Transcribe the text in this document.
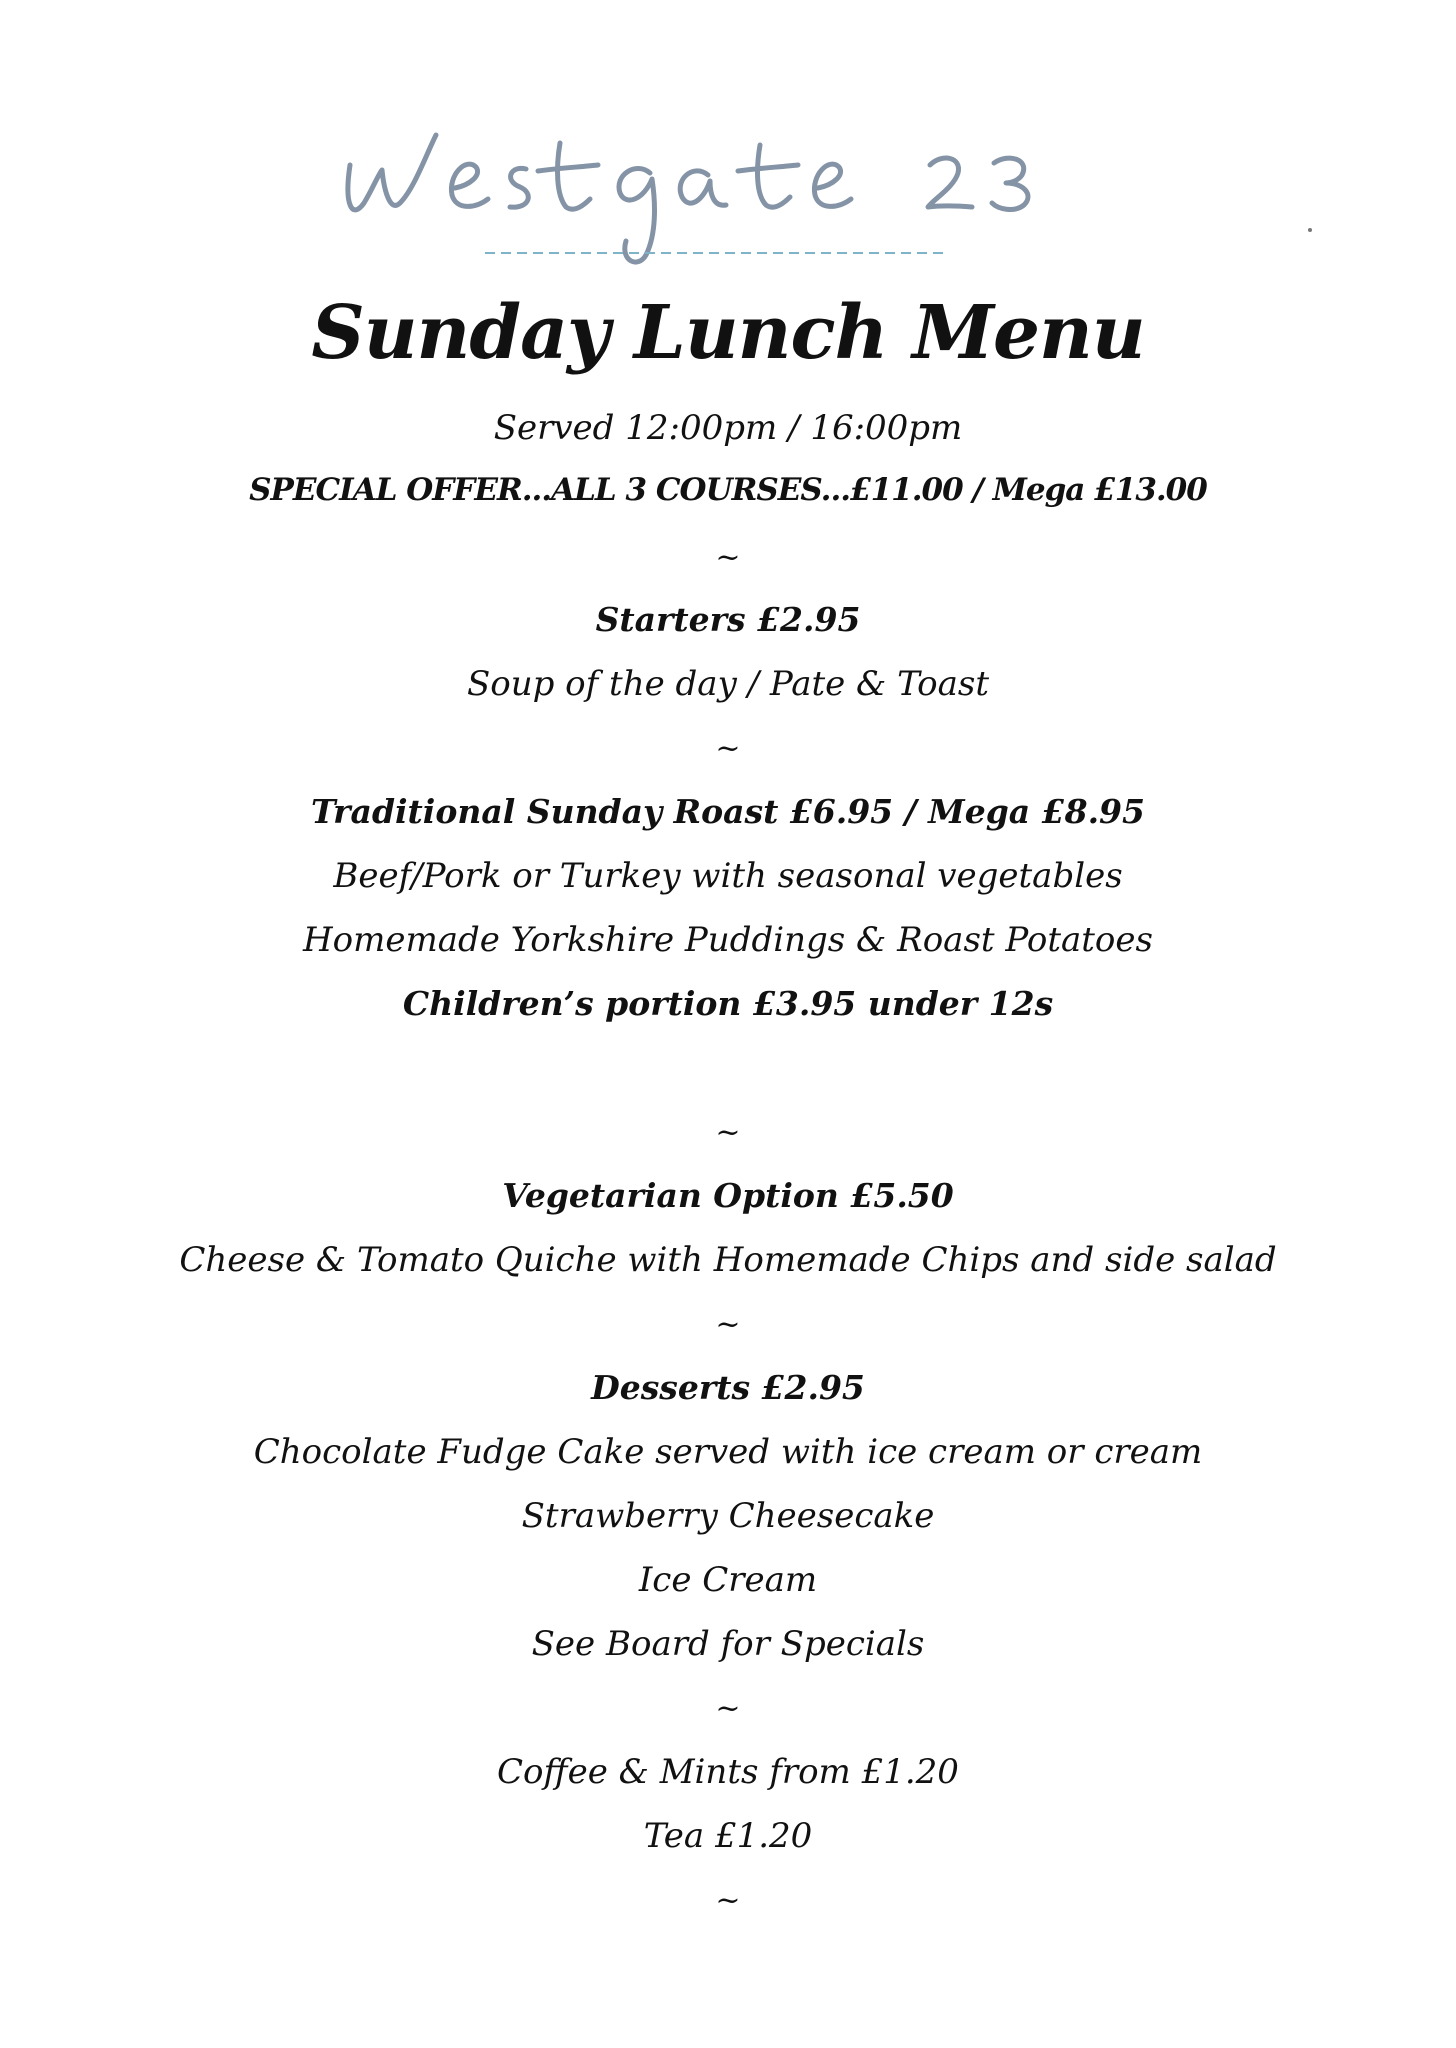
Sunday Lunch Menu
Served 12:00pm / 16:00pm
SPECIAL OFFER...ALL 3 COURSES...£11.00 / Mega £13.00
~
Starters £2.95
Soup of the day / Pate & Toast
~
Traditional Sunday Roast £6.95 / Mega £8.95
Beef/Pork or Turkey with seasonal vegetables
Homemade Yorkshire Puddings & Roast Potatoes
Children’s portion £3.95 under 12s
~
Vegetarian Option £5.50
Cheese & Tomato Quiche with Homemade Chips and side salad
~
Desserts £2.95
Chocolate Fudge Cake served with ice cream or cream
Strawberry Cheesecake
Ice Cream
See Board for Specials
~
Coffee & Mints from £1.20
Tea £1.20
~
